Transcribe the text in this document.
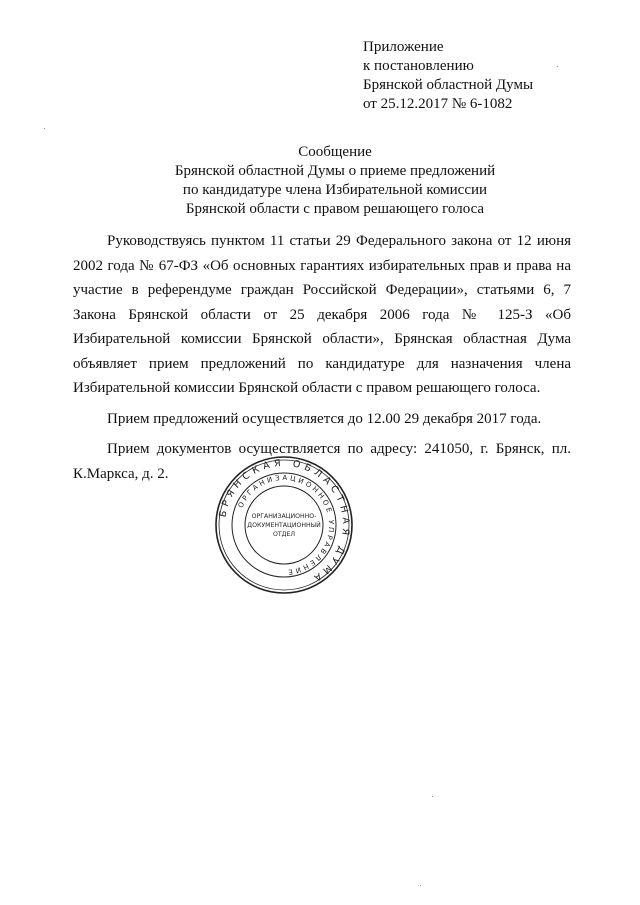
Приложение
к постановлению
Брянской областной Думы
от 25.12.2017 № 6-1082
Сообщение
Брянской областной Думы о приеме предложений
по кандидатуре члена Избирательной комиссии
Брянской области с правом решающего голоса

Руководствуясь пунктом 11 статьи 29 Федерального закона от 12 июня 2002 года № 67-ФЗ «Об основных гарантиях избирательных прав и права на участие в референдуме граждан Российской Федерации», статьями 6, 7 Закона Брянской области от 25 декабря 2006 года № 125-З «Об Избирательной комиссии Брянской области», Брянская областная Дума объявляет прием предложений по кандидатуре для назначения члена Избирательной комиссии Брянской области с правом решающего голоса.

Прием предложений осуществляется до 12.00 29 декабря 2017 года.

Прием документов осуществляется по адресу: 241050, г. Брянск, пл. К.Маркса, д. 2.

БРЯНСКАЯ ОБЛАСТНАЯ ДУМА
ОРГАНИЗАЦИОННОЕ УПРАВЛЕНИЕ
ОРГАНИЗАЦИОННО-
ДОКУМЕНТАЦИОННЫЙ
ОТДЕЛ
